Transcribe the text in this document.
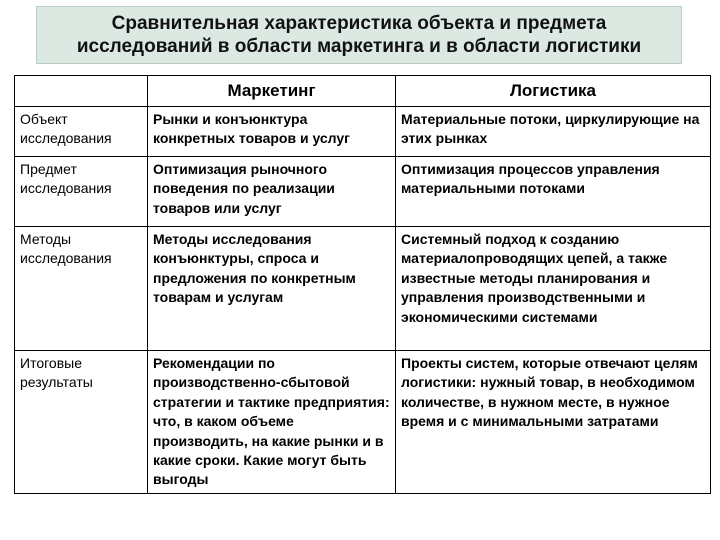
Сравнительная характеристика объекта и предмета
исследований в области маркетинга и в области логистики
	Маркетинг	Логистика

Объект
исследования	Рынки и конъюнктура конкретных товаров и услуг	Материальные потоки, циркулирующие на этих рынках

Предмет
исследования	Оптимизация рыночного поведения по реализации товаров или услуг	Оптимизация процессов управления материальными потоками

Методы
исследования	Методы исследования конъюнктуры, спроса и предложения по конкретным товарам и услугам	Системный подход к созданию материалопроводящих цепей, а также известные методы планирования и управления производственными и экономическими системами

Итоговые
результаты	Рекомендации по производственно-сбытовой стратегии и тактике предприятия: что, в каком объеме производить, на какие рынки и в какие сроки. Какие могут быть выгоды	Проекты систем, которые отвечают целям логистики: нужный товар, в необходимом количестве, в нужном месте, в нужное время и с минимальными затратами
